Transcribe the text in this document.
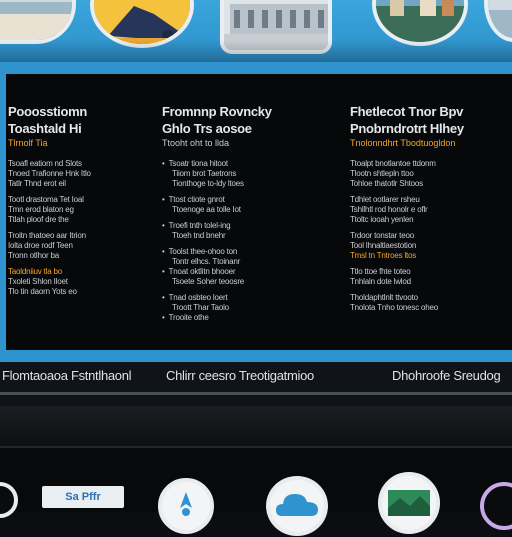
Pooosstiomn
Toashtald Hi
Tlrnolf Tia
Tsoafl eatiom nd Slots
Tnoed Trafionne Hnk Itlo
Tatlr Thnd erot eil
Tootl drastoma Tet Ioal
Tmn erod blaton eg
Ttlah ploof dre the
Troitn thatoeo aar Itrion
Iolta droe rodf Teen
Tronn otlhor ba
Taoldniiuv tla bo
Txoleti Shlon Iloet
Tlo tin daorn Yots eo
Fromnnp Rovncky
Ghlo Trs aosoe
Ttooht oht to llda
• Tsoatr tiona hitoot
Tiiom brot Taetrons
Tionthoge to-ldy ltoes
• Ttost ctiote gnrot
Ttoenoge aa tolle Iot
• Troefi tnth tolel-ing
Ttoeh tnd bnehr
• Toolst thee-ohoo ton
Tontr elhcs. Ttoinanr
• Tnoat oktlitn bhooer
Tsoete Soher teoosre
• Tnad osbteo loert
Troott Thar Taolo
• Trooite othe
Fhetlecot Tnor Bpv
Pnobrndrotrt Hlhey
Tnolonndhrt Tbodtuogldon
Ttoalpt bnotlantoe ttdonm
Tlootn shtlepln ttoo
Tohloe thatotlr Shtoos
Tdhlet ootlarer rsheu
Tshllhtl rod honolr e oflr
Ttoltc iooah yenlen
Trdoor tonstar teoo
Tool lhnaltlaestotion
Tmsl tn Tntroes ltos
Ttlo ttoe fhte toteo
Tnhlaln dote lwlod
Tholdaphtlnlt ttvooto
Tnolota Tnho tonesc oheo
Flomtaoaoa Fstntlhaonl	Chlirr ceesro Treotigatmioo	Dhohroofe Sreudog
Sa Pffr
